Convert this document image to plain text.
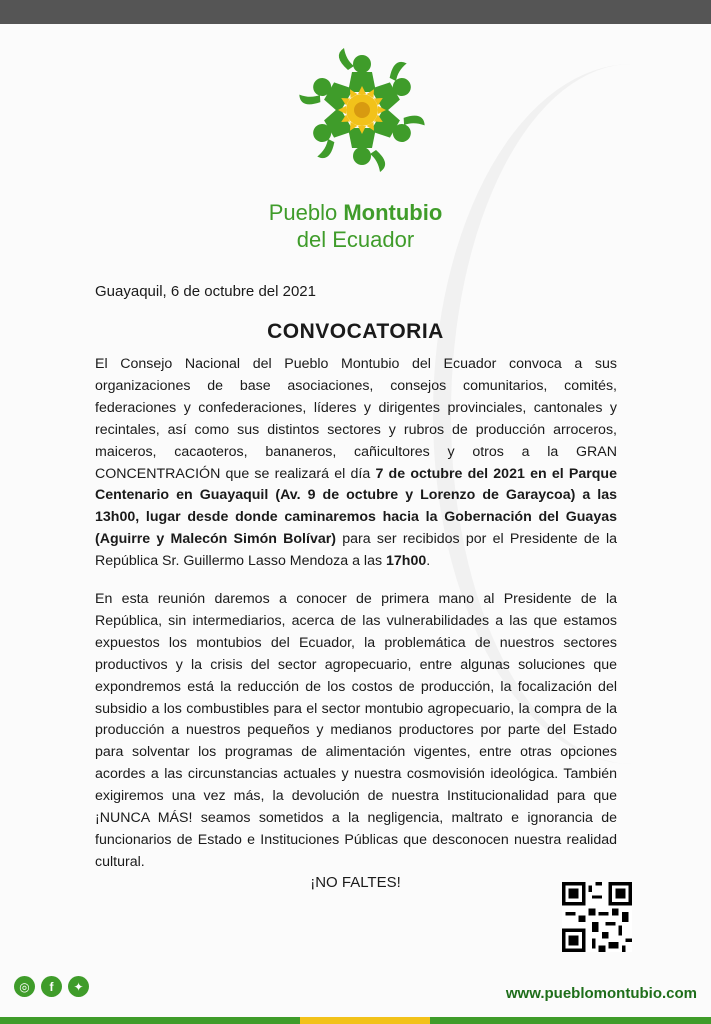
Pueblo Montubio
del Ecuador
Guayaquil, 6 de octubre del 2021
CONVOCATORIA
El Consejo Nacional del Pueblo Montubio del Ecuador convoca a sus organizaciones de base asociaciones, consejos comunitarios, comités, federaciones y confederaciones, líderes y dirigentes provinciales, cantonales y recintales, así como sus distintos sectores y rubros de producción arroceros, maiceros, cacaoteros, bananeros, cañicultores y otros a la GRAN CONCENTRACIÓN que se realizará el día 7 de octubre del 2021 en el Parque Centenario en Guayaquil (Av. 9 de octubre y Lorenzo de Garaycoa) a las 13h00, lugar desde donde caminaremos hacia la Gobernación del Guayas (Aguirre y Malecón Simón Bolívar) para ser recibidos por el Presidente de la República Sr. Guillermo Lasso Mendoza a las 17h00.
En esta reunión daremos a conocer de primera mano al Presidente de la República, sin intermediarios, acerca de las vulnerabilidades a las que estamos expuestos los montubios del Ecuador, la problemática de nuestros sectores productivos y la crisis del sector agropecuario, entre algunas soluciones que expondremos está la reducción de los costos de producción, la focalización del subsidio a los combustibles para el sector montubio agropecuario, la compra de la producción a nuestros pequeños y medianos productores por parte del Estado para solventar los programas de alimentación vigentes, entre otras opciones acordes a las circunstancias actuales y nuestra cosmovisión ideológica. También exigiremos una vez más, la devolución de nuestra Institucionalidad para que ¡NUNCA MÁS! seamos sometidos a la negligencia, maltrato e ignorancia de funcionarios de Estado e Instituciones Públicas que desconocen nuestra realidad cultural.
¡NO FALTES!
◎	f	✦	www.pueblomontubio.com
